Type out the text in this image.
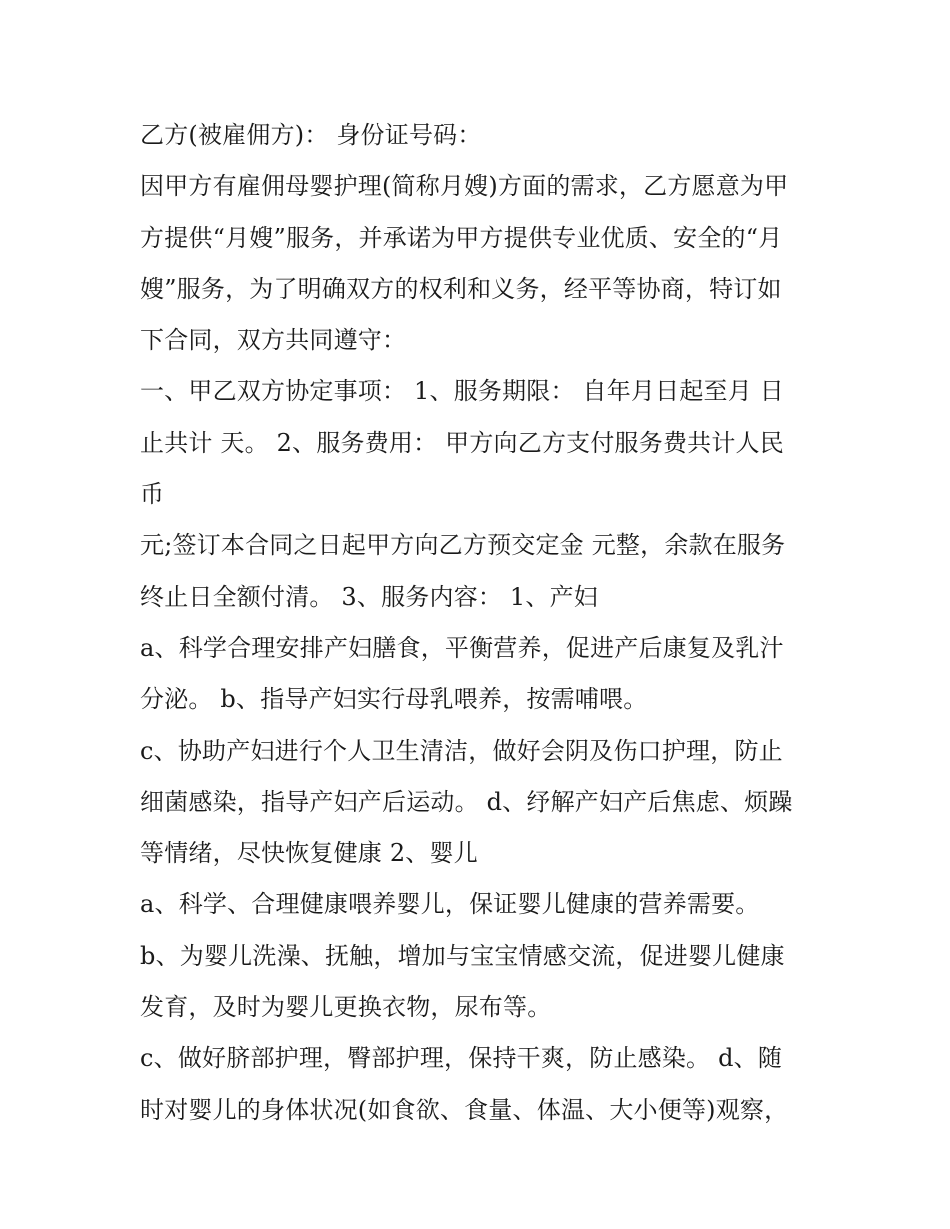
乙方(被雇佣方)： 身份证号码：
因甲方有雇佣母婴护理(简称月嫂)方面的需求，乙方愿意为甲
方提供“月嫂”服务，并承诺为甲方提供专业优质、安全的“月
嫂”服务，为了明确双方的权利和义务，经平等协商，特订如
下合同，双方共同遵守：
一、甲乙双方协定事项： 1、服务期限： 自年月日起至月 日
止共计 天。 2、服务费用： 甲方向乙方支付服务费共计人民
币
元;签订本合同之日起甲方向乙方预交定金 元整，余款在服务
终止日全额付清。 3、服务内容： 1、产妇
a、科学合理安排产妇膳食，平衡营养，促进产后康复及乳汁
分泌。 b、指导产妇实行母乳喂养，按需哺喂。
c、协助产妇进行个人卫生清洁，做好会阴及伤口护理，防止
细菌感染，指导产妇产后运动。 d、纾解产妇产后焦虑、烦躁
等情绪，尽快恢复健康 2、婴儿
a、科学、合理健康喂养婴儿，保证婴儿健康的营养需要。
b、为婴儿洗澡、抚触，增加与宝宝情感交流，促进婴儿健康
发育，及时为婴儿更换衣物，尿布等。
c、做好脐部护理，臀部护理，保持干爽，防止感染。 d、随
时对婴儿的身体状况(如食欲、食量、体温、大小便等)观察，
